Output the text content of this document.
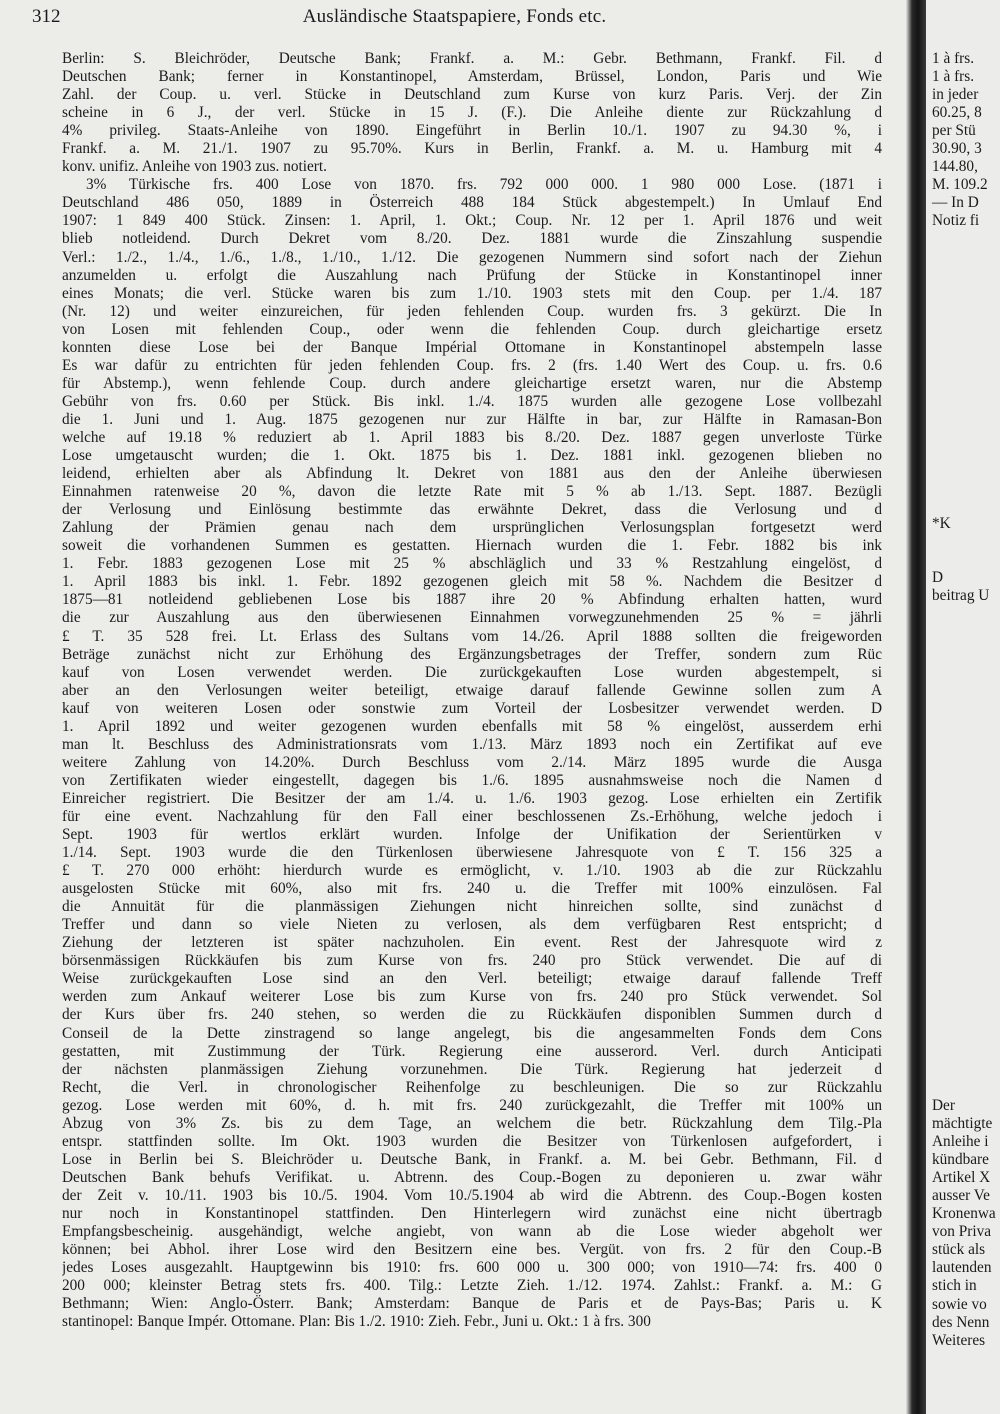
312	Ausländische Staatspapiere, Fonds etc.
Berlin: S. Bleichröder, Deutsche Bank; Frankf. a. M.: Gebr. Bethmann, Frankf. Fil. d
Deutschen Bank; ferner in Konstantinopel, Amsterdam, Brüssel, London, Paris und Wie
Zahl. der Coup. u. verl. Stücke in Deutschland zum Kurse von kurz Paris. Verj. der Zin
scheine in 6 J., der verl. Stücke in 15 J. (F.). Die Anleihe diente zur Rückzahlung d
4% privileg. Staats-Anleihe von 1890. Eingeführt in Berlin 10./1. 1907 zu 94.30 %, i
Frankf. a. M. 21./1. 1907 zu 95.70%. Kurs in Berlin, Frankf. a. M. u. Hamburg mit 4
konv. unifiz. Anleihe von 1903 zus. notiert.
3% Türkische frs. 400 Lose von 1870. frs. 792 000 000. 1 980 000 Lose. (1871 i
Deutschland 486 050, 1889 in Österreich 488 184 Stück abgestempelt.) In Umlauf End
1907: 1 849 400 Stück. Zinsen: 1. April, 1. Okt.; Coup. Nr. 12 per 1. April 1876 und weit
blieb notleidend. Durch Dekret vom 8./20. Dez. 1881 wurde die Zinszahlung suspendie
Verl.: 1./2., 1./4., 1./6., 1./8., 1./10., 1./12. Die gezogenen Nummern sind sofort nach der Ziehun
anzumelden u. erfolgt die Auszahlung nach Prüfung der Stücke in Konstantinopel inner
eines Monats; die verl. Stücke waren bis zum 1./10. 1903 stets mit den Coup. per 1./4. 187
(Nr. 12) und weiter einzureichen, für jeden fehlenden Coup. wurden frs. 3 gekürzt. Die In
von Losen mit fehlenden Coup., oder wenn die fehlenden Coup. durch gleichartige ersetz
konnten diese Lose bei der Banque Impérial Ottomane in Konstantinopel abstempeln lasse
Es war dafür zu entrichten für jeden fehlenden Coup. frs. 2 (frs. 1.40 Wert des Coup. u. frs. 0.6
für Abstemp.), wenn fehlende Coup. durch andere gleichartige ersetzt waren, nur die Abstemp
Gebühr von frs. 0.60 per Stück. Bis inkl. 1./4. 1875 wurden alle gezogene Lose vollbezahl
die 1. Juni und 1. Aug. 1875 gezogenen nur zur Hälfte in bar, zur Hälfte in Ramasan-Bon
welche auf 19.18 % reduziert ab 1. April 1883 bis 8./20. Dez. 1887 gegen unverloste Türke
Lose umgetauscht wurden; die 1. Okt. 1875 bis 1. Dez. 1881 inkl. gezogenen blieben no
leidend, erhielten aber als Abfindung lt. Dekret von 1881 aus den der Anleihe überwiesen
Einnahmen ratenweise 20 %, davon die letzte Rate mit 5 % ab 1./13. Sept. 1887. Bezügli
der Verlosung und Einlösung bestimmte das erwähnte Dekret, dass die Verlosung und d
Zahlung der Prämien genau nach dem ursprünglichen Verlosungsplan fortgesetzt werd
soweit die vorhandenen Summen es gestatten. Hiernach wurden die 1. Febr. 1882 bis ink
1. Febr. 1883 gezogenen Lose mit 25 % abschläglich und 33 % Restzahlung eingelöst, d
1. April 1883 bis inkl. 1. Febr. 1892 gezogenen gleich mit 58 %. Nachdem die Besitzer d
1875—81 notleidend gebliebenen Lose bis 1887 ihre 20 % Abfindung erhalten hatten, wurd
die zur Auszahlung aus den überwiesenen Einnahmen vorwegzunehmenden 25 % = jährli
£ T. 35 528 frei. Lt. Erlass des Sultans vom 14./26. April 1888 sollten die freigeworden
Beträge zunächst nicht zur Erhöhung des Ergänzungsbetrages der Treffer, sondern zum Rüc
kauf von Losen verwendet werden. Die zurückgekauften Lose wurden abgestempelt, si
aber an den Verlosungen weiter beteiligt, etwaige darauf fallende Gewinne sollen zum A
kauf von weiteren Losen oder sonstwie zum Vorteil der Losbesitzer verwendet werden. D
1. April 1892 und weiter gezogenen wurden ebenfalls mit 58 % eingelöst, ausserdem erhi
man lt. Beschluss des Administrationsrats vom 1./13. März 1893 noch ein Zertifikat auf eve
weitere Zahlung von 14.20%. Durch Beschluss vom 2./14. März 1895 wurde die Ausga
von Zertifikaten wieder eingestellt, dagegen bis 1./6. 1895 ausnahmsweise noch die Namen d
Einreicher registriert. Die Besitzer der am 1./4. u. 1./6. 1903 gezog. Lose erhielten ein Zertifik
für eine event. Nachzahlung für den Fall einer beschlossenen Zs.-Erhöhung, welche jedoch i
Sept. 1903 für wertlos erklärt wurden. Infolge der Unifikation der Serientürken v
1./14. Sept. 1903 wurde die den Türkenlosen überwiesene Jahresquote von £ T. 156 325 a
£ T. 270 000 erhöht: hierdurch wurde es ermöglicht, v. 1./10. 1903 ab die zur Rückzahlu
ausgelosten Stücke mit 60%, also mit frs. 240 u. die Treffer mit 100% einzulösen. Fal
die Annuität für die planmässigen Ziehungen nicht hinreichen sollte, sind zunächst d
Treffer und dann so viele Nieten zu verlosen, als dem verfügbaren Rest entspricht; d
Ziehung der letzteren ist später nachzuholen. Ein event. Rest der Jahresquote wird z
börsenmässigen Rückkäufen bis zum Kurse von frs. 240 pro Stück verwendet. Die auf di
Weise zurückgekauften Lose sind an den Verl. beteiligt; etwaige darauf fallende Treff
werden zum Ankauf weiterer Lose bis zum Kurse von frs. 240 pro Stück verwendet. Sol
der Kurs über frs. 240 stehen, so werden die zu Rückkäufen disponiblen Summen durch d
Conseil de la Dette zinstragend so lange angelegt, bis die angesammelten Fonds dem Cons
gestatten, mit Zustimmung der Türk. Regierung eine ausserord. Verl. durch Anticipati
der nächsten planmässigen Ziehung vorzunehmen. Die Türk. Regierung hat jederzeit d
Recht, die Verl. in chronologischer Reihenfolge zu beschleunigen. Die so zur Rückzahlu
gezog. Lose werden mit 60%, d. h. mit frs. 240 zurückgezahlt, die Treffer mit 100% un
Abzug von 3% Zs. bis zu dem Tage, an welchem die betr. Rückzahlung dem Tilg.-Pla
entspr. stattfinden sollte. Im Okt. 1903 wurden die Besitzer von Türkenlosen aufgefordert, i
Lose in Berlin bei S. Bleichröder u. Deutsche Bank, in Frankf. a. M. bei Gebr. Bethmann, Fil. d
Deutschen Bank behufs Verifikat. u. Abtrenn. des Coup.-Bogen zu deponieren u. zwar währ
der Zeit v. 10./11. 1903 bis 10./5. 1904. Vom 10./5.1904 ab wird die Abtrenn. des Coup.-Bogen kosten
nur noch in Konstantinopel stattfinden. Den Hinterlegern wird zunächst eine nicht übertragb
Empfangsbescheinig. ausgehändigt, welche angiebt, von wann ab die Lose wieder abgeholt wer
können; bei Abhol. ihrer Lose wird den Besitzern eine bes. Vergüt. von frs. 2 für den Coup.-B
jedes Loses ausgezahlt. Hauptgewinn bis 1910: frs. 600 000 u. 300 000; von 1910—74: frs. 400 0
200 000; kleinster Betrag stets frs. 400. Tilg.: Letzte Zieh. 1./12. 1974. Zahlst.: Frankf. a. M.: G
Bethmann; Wien: Anglo-Österr. Bank; Amsterdam: Banque de Paris et de Pays-Bas; Paris u. K
stantinopel: Banque Impér. Ottomane. Plan: Bis 1./2. 1910: Zieh. Febr., Juni u. Okt.: 1 à frs. 300
1 à frs.
1 à frs.
in jeder
60.25, 8
per Stü
30.90, 3
144.80,
M. 109.2
— In D
Notiz fi
*K
D
beitrag U
Der
mächtigte
Anleihe i
kündbare
Artikel X
ausser Ve
Kronenwa
von Priva
stück als
lautenden
stich in
sowie vo
des Nenn
Weiteres
